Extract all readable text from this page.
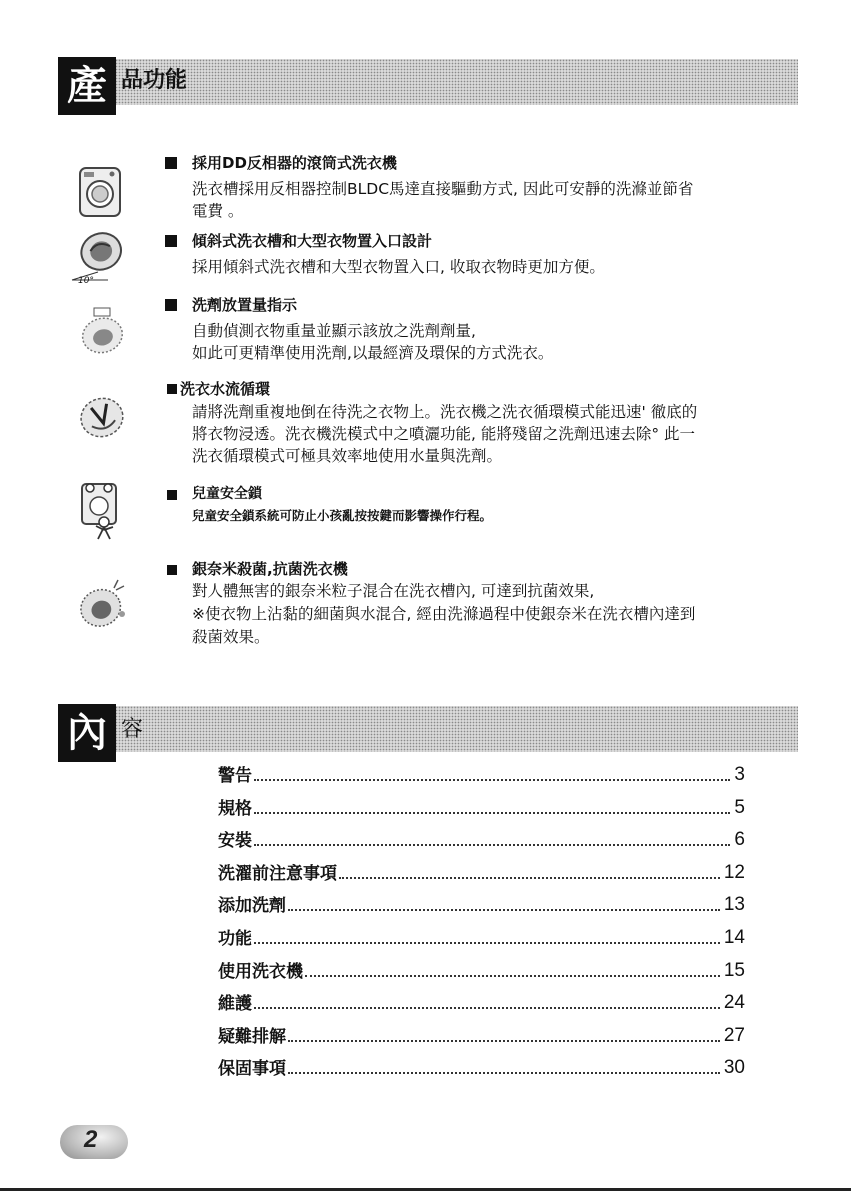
產 品功能
採用DD反相器的滾筒式洗衣機
洗衣槽採用反相器控制BLDC馬達直接驅動方式, 因此可安靜的洗滌並節省
電費 。
10°
傾斜式洗衣槽和大型衣物置入口設計
採用傾斜式洗衣槽和大型衣物置入口, 收取衣物時更加方便。
洗劑放置量指示
自動偵測衣物重量並顯示該放之洗劑劑量,
如此可更精準使用洗劑,以最經濟及環保的方式洗衣。
洗衣水流循環
請將洗劑重複地倒在待洗之衣物上。洗衣機之洗衣循環模式能迅速' 徹底的
將衣物浸透。洗衣機洗模式中之噴灑功能, 能將殘留之洗劑迅速去除° 此一
洗衣循環模式可極具效率地使用水量與洗劑。
兒童安全鎖
兒童安全鎖系統可防止小孩亂按按鍵而影響操作行程。
銀奈米殺菌,抗菌洗衣機
對人體無害的銀奈米粒子混合在洗衣槽內, 可達到抗菌效果,
※使衣物上沾黏的細菌與水混合, 經由洗滌過程中使銀奈米在洗衣槽內達到
殺菌效果。
內 容
警告	3
規格	5
安裝	6
洗濯前注意事項	12
添加洗劑	13
功能	14
使用洗衣機	15
維護	24
疑難排解	27
保固事項	30
2
